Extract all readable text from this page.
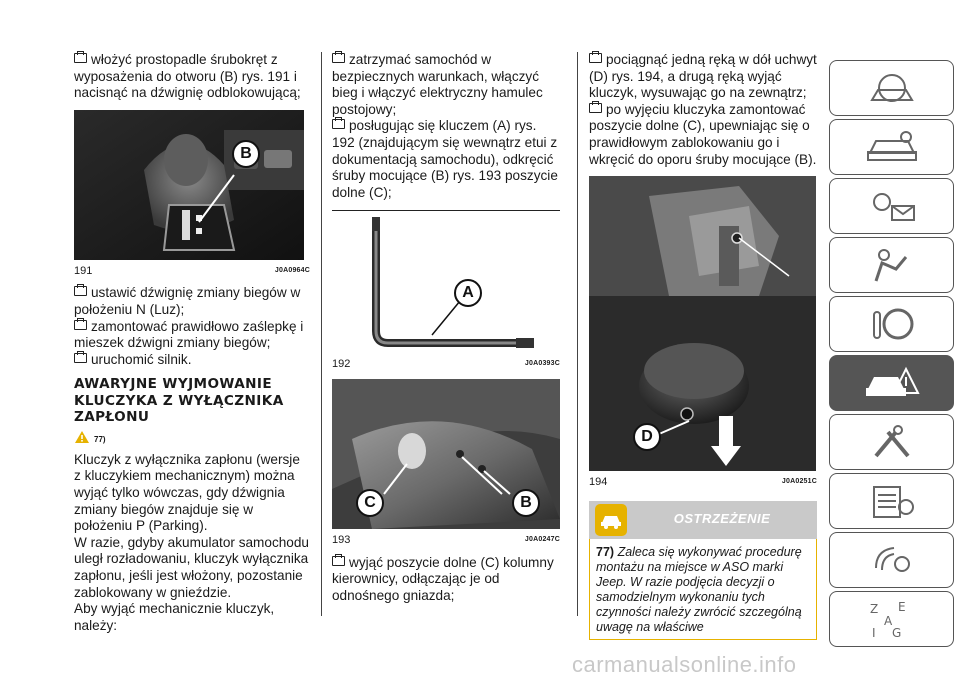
włożyć prostopadle śrubokręt z wyposażenia do otworu (B) rys. 191 i nacisnąć na dźwignię odblokowującą;

B
191	J0A0964C

ustawić dźwignię zmiany biegów w położeniu N (Luz);

zamontować prawidłowo zaślepkę i mieszek dźwigni zmiany biegów;

uruchomić silnik.

AWARYJNE WYJMOWANIE KLUCZYKA Z WYŁĄCZNIKA ZAPŁONU
77)

Kluczyk z wyłącznika zapłonu (wersje z kluczykiem mechanicznym) można wyjąć tylko wówczas, gdy dźwignia zmiany biegów znajduje się w położeniu P (Parking).

W razie, gdyby akumulator samochodu uległ rozładowaniu, kluczyk wyłącznika zapłonu, jeśli jest włożony, pozostanie zablokowany w gnieździe.

Aby wyjąć mechanicznie kluczyk, należy:

zatrzymać samochód w bezpiecznych warunkach, włączyć bieg i włączyć elektryczny hamulec postojowy;

posługując się kluczem (A) rys. 192 (znajdującym się wewnątrz etui z dokumentacją samochodu), odkręcić śruby mocujące (B) rys. 193 poszycie dolne (C);

A
192	J0A0393C
C	B
193	J0A0247C

wyjąć poszycie dolne (C) kolumny kierownicy, odłączając je od odnośnego gniazda;

pociągnąć jedną ręką w dół uchwyt (D) rys. 194, a drugą ręką wyjąć kluczyk, wysuwając go na zewnątrz;

po wyjęciu kluczyka zamontować poszycie dolne (C), upewniając się o prawidłowym zablokowaniu go i wkręcić do oporu śruby mocujące (B).

D
194	J0A0251C
OSTRZEŻENIE
77) Zaleca się wykonywać procedurę montażu na miejsce w ASO marki Jeep. W razie podjęcia decyzji o samodzielnym wykonaniu tych czynności należy zwrócić szczególną uwagę na właściwe
Z E
A
I G
carmanualsonline.info
